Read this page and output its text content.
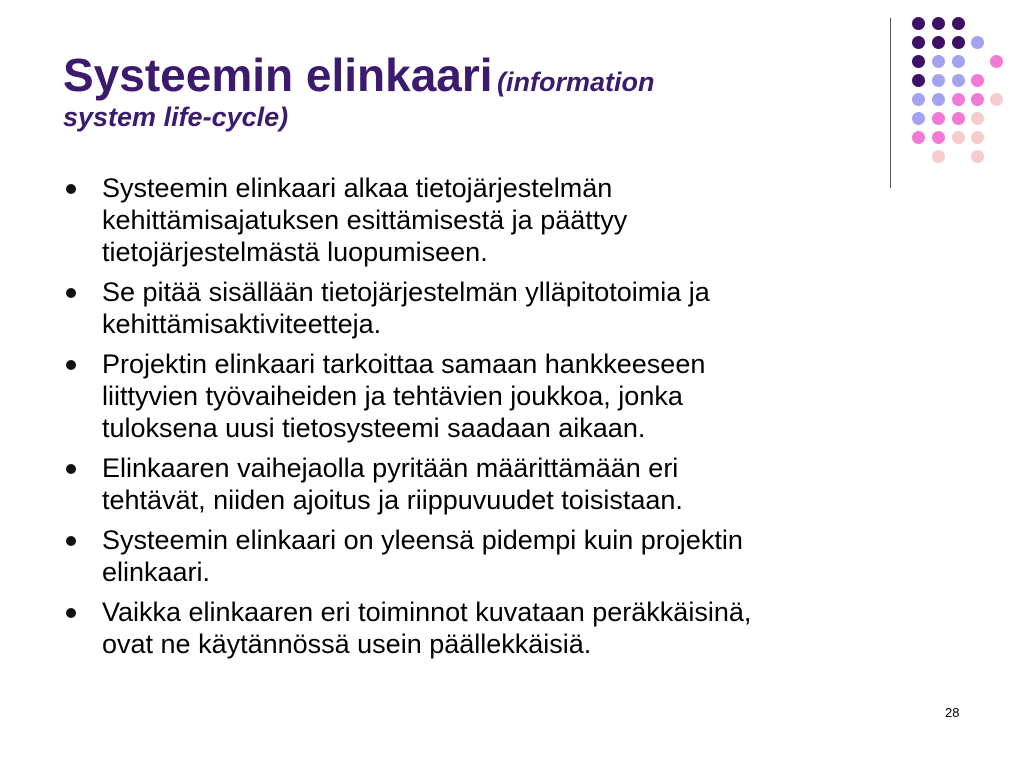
Systeemin elinkaari (information
system life-cycle)
Systeemin elinkaari alkaa tietojärjestelmän
kehittämisajatuksen esittämisestä ja päättyy
tietojärjestelmästä luopumiseen.
Se pitää sisällään tietojärjestelmän ylläpitotoimia ja
kehittämisaktiviteetteja.
Projektin elinkaari tarkoittaa samaan hankkeeseen
liittyvien työvaiheiden ja tehtävien joukkoa, jonka
tuloksena uusi tietosysteemi saadaan aikaan.
Elinkaaren vaihejaolla pyritään määrittämään eri
tehtävät, niiden ajoitus ja riippuvuudet toisistaan.
Systeemin elinkaari on yleensä pidempi kuin projektin
elinkaari.
Vaikka elinkaaren eri toiminnot kuvataan peräkkäisinä,
ovat ne käytännössä usein päällekkäisiä.
28
